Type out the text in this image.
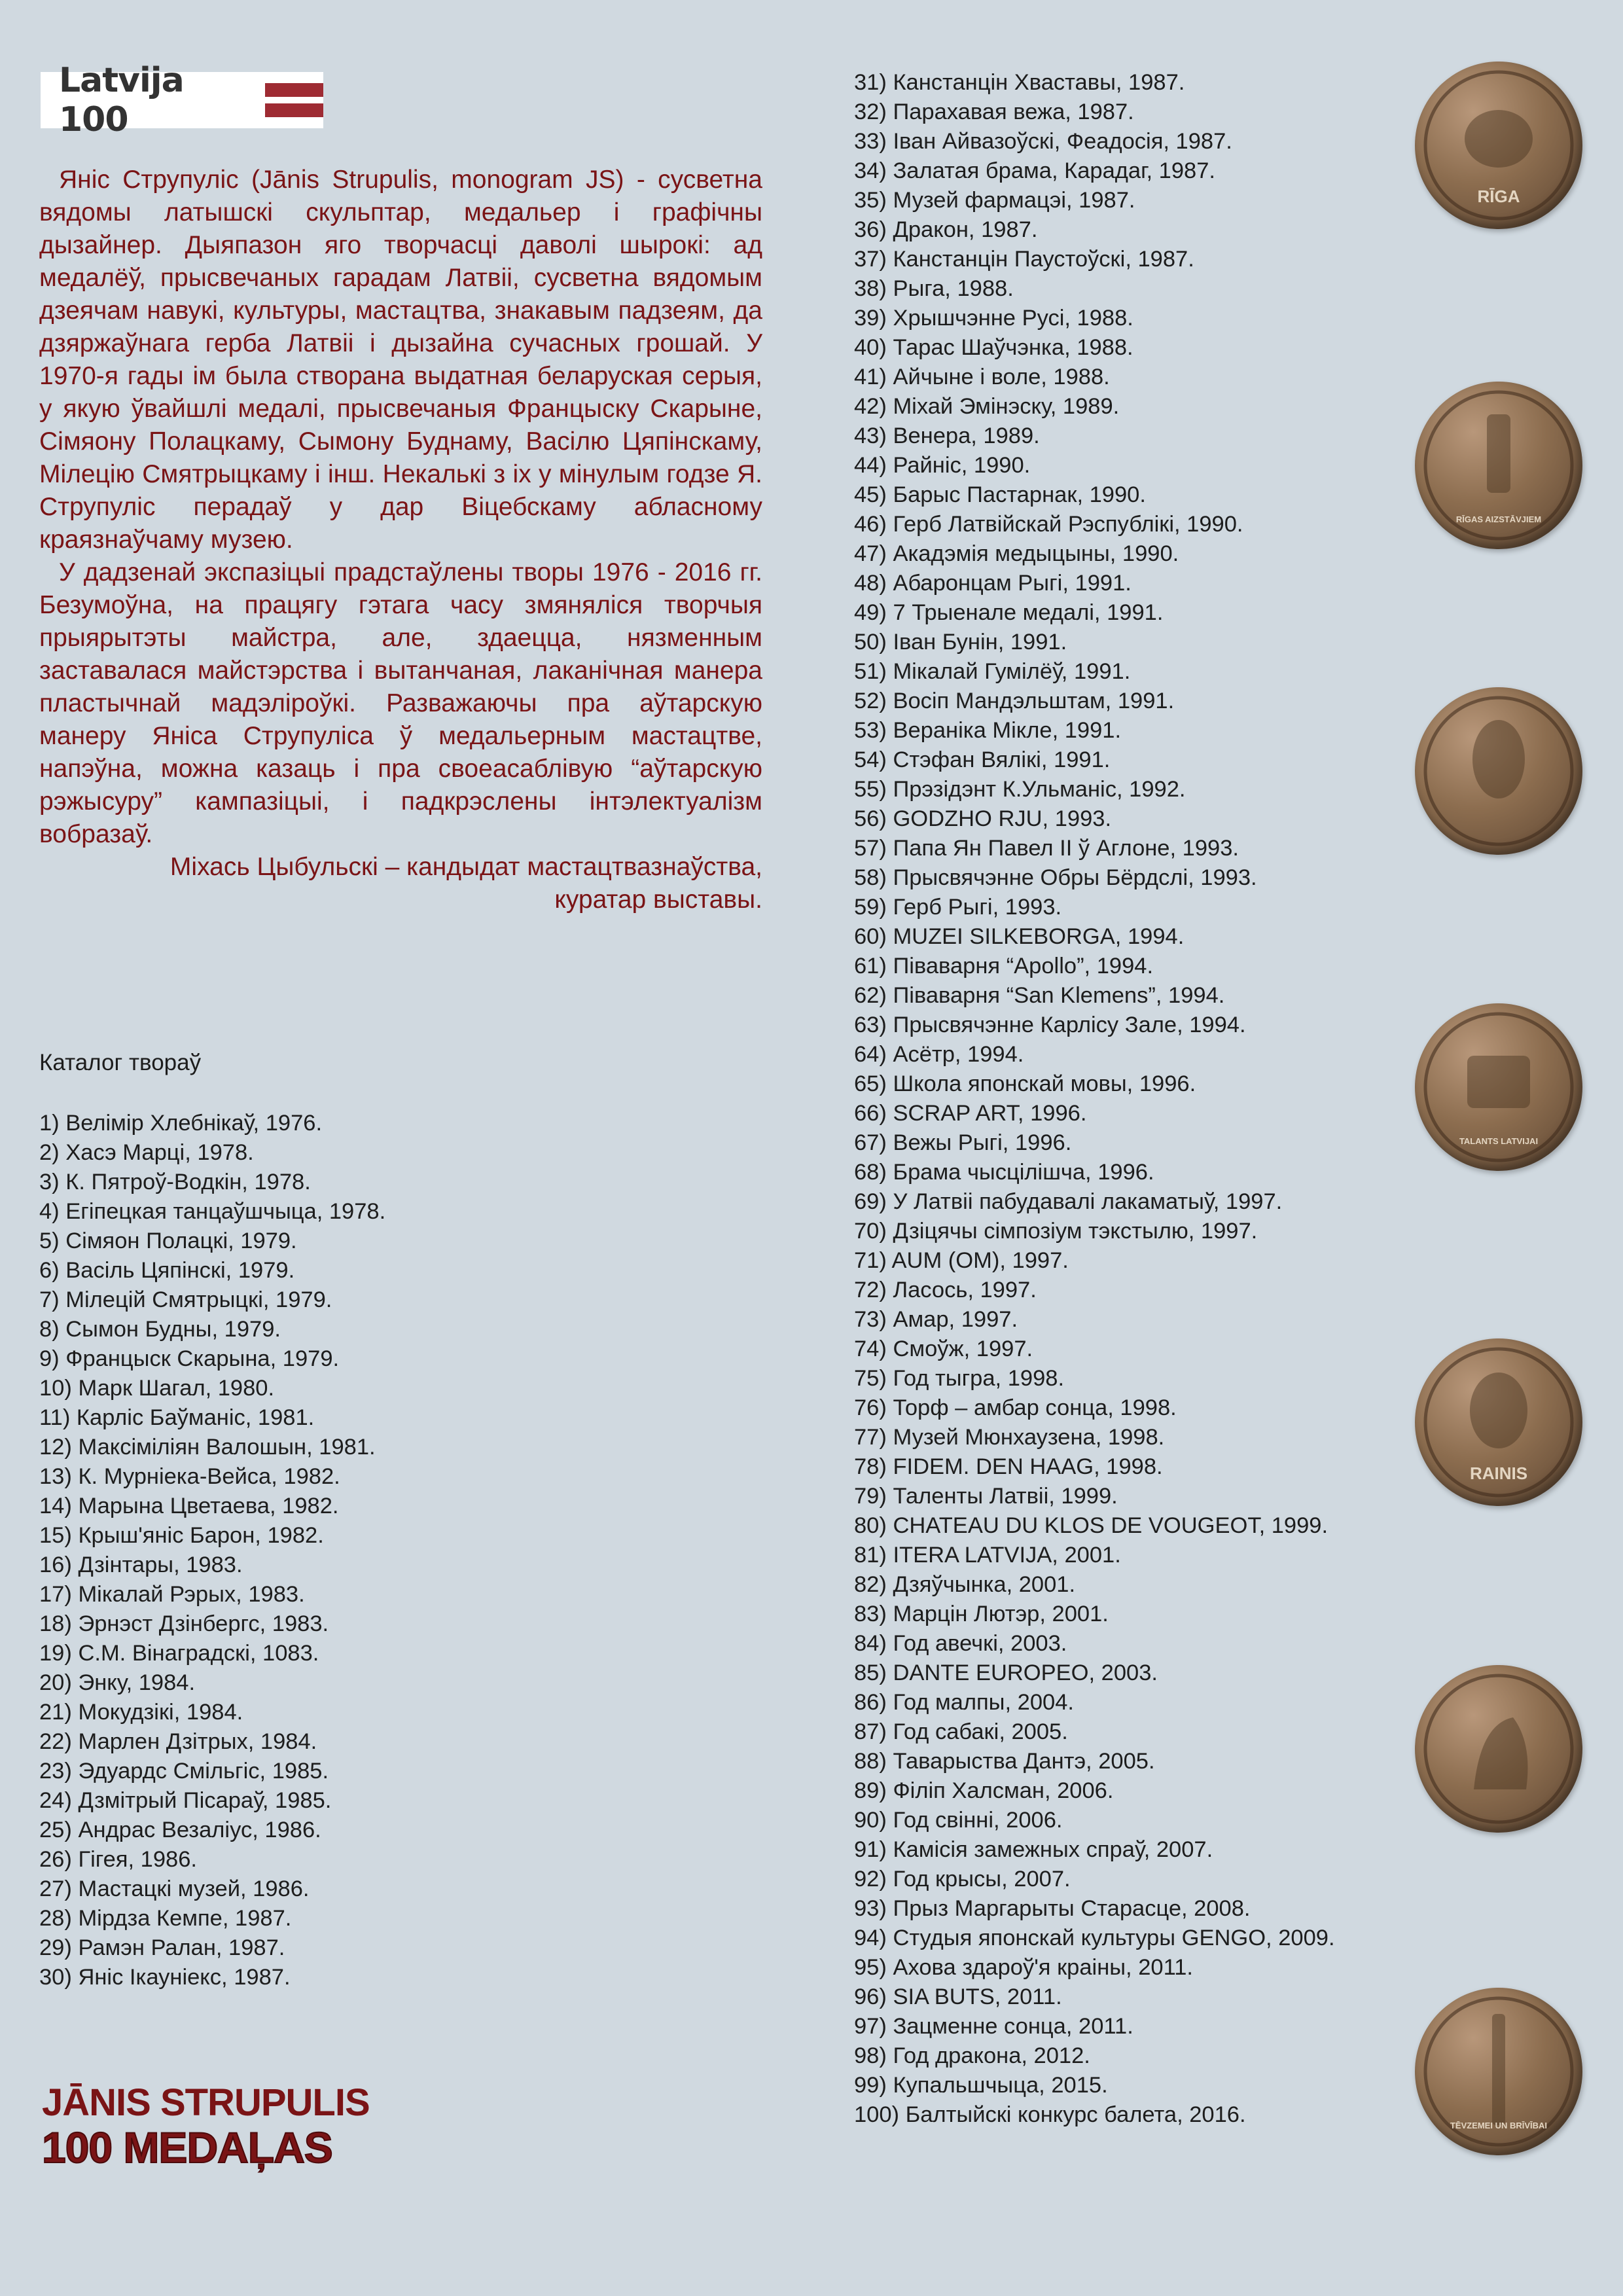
Latvija 100

Яніс Струпуліс (Jānis Strupulis, monogram JS) - сусветна вядомы латышскі скульптар, медальер і графічны дызайнер. Дыяпазон яго творчасці даволі шырокі: ад медалёў, прысвечаных гарадам Латвіі, сусветна вядомым дзеячам навукі, культуры, мастацтва, знакавым падзеям, да дзяржаўнага герба Латвіі і дызайна сучасных грошай. У 1970-я гады ім была створана выдатная беларуская серыя, у якую ўвайшлі медалі, прысвечаныя Францыску Скарыне, Сімяону Полацкаму, Сымону Буднаму, Васілю Цяпінскаму, Мілецію Смятрыцкаму і інш. Некалькі з іх у мінулым годзе Я. Струпуліс перадаў у дар Віцебскаму абласному краязнаўчаму музею.

У дадзенай экспазіцыі прадстаўлены творы 1976 - 2016 гг. Безумоўна, на працягу гэтага часу змяняліся творчыя прыярытэты майстра, але, здаецца, нязменным заставалася майстэрства і вытанчаная, лаканічная манера пластычнай мадэліроўкі. Разважаючы пра аўтарскую манеру Яніса Струпуліса ў медальерным мастацтве, напэўна, можна казаць і пра своеасаблівую “аўтарскую рэжысуру” кампазіцыі, і падкрэслены інтэлектуалізм вобразаў.

Міхась Цыбульскі – кандыдат мастацтвазнаўства,

куратар выставы.

Каталог твораў
1) Велімір Хлебнікаў, 1976.
2) Хасэ Марці, 1978.
3) К. Пятроў-Водкін, 1978.
4) Егіпецкая танцаўшчыца, 1978.
5) Сімяон Полацкі, 1979.
6) Васіль Цяпінскі, 1979.
7) Мілецій Смятрыцкі, 1979.
8) Сымон Будны, 1979.
9) Францыск Скарына, 1979.
10) Марк Шагал, 1980.
11) Карліс Баўманіс, 1981.
12) Максіміліян Валошын, 1981.
13) К. Мурніека-Вейса, 1982.
14) Марына Цветаева, 1982.
15) Крыш'яніс Барон, 1982.
16) Дзінтары, 1983.
17) Мікалай Рэрых, 1983.
18) Эрнэст Дзінбергс, 1983.
19) С.М. Вінаградскі, 1083.
20) Энку, 1984.
21) Мокудзікі, 1984.
22) Марлен Дзітрых, 1984.
23) Эдуардс Смільгіс, 1985.
24) Дзмітрый Пісараў, 1985.
25) Андрас Везаліус, 1986.
26) Гігея, 1986.
27) Мастацкі музей, 1986.
28) Мірдза Кемпе, 1987.
29) Рамэн Ралан, 1987.
30) Яніс Ікауніекс, 1987.
31) Канстанцін Хваставы, 1987.
32) Парахавая вежа, 1987.
33) Іван Айвазоўскі, Феадосія, 1987.
34) Залатая брама, Карадаг, 1987.
35) Музей фармацэі, 1987.
36) Дракон, 1987.
37) Канстанцін Паустоўскі, 1987.
38) Рыга, 1988.
39) Хрышчэнне Русі, 1988.
40) Тарас Шаўчэнка, 1988.
41) Айчыне і волe, 1988.
42) Міхай Эмінэску, 1989.
43) Венера, 1989.
44) Райніс, 1990.
45) Барыс Пастарнак, 1990.
46) Герб Латвійскай Рэспублікі, 1990.
47) Акадэмія медыцыны, 1990.
48) Абаронцам Рыгі, 1991.
49) 7 Трыенале медалі, 1991.
50) Іван Бунін, 1991.
51) Мікалай Гумілёў, 1991.
52) Восіп Мандэльштам, 1991.
53) Вераніка Мікле, 1991.
54) Стэфан Вялікі, 1991.
55) Прэзідэнт К.Ульманіс, 1992.
56) GODZHO RJU, 1993.
57) Папа Ян Павел ІІ ў Аглоне, 1993.
58) Прысвячэнне Обры Бёрдслі, 1993.
59) Герб Рыгі, 1993.
60) MUZEI SILKEBORGA, 1994.
61) Піваварня “Apollo”, 1994.
62) Піваварня “San Klemens”, 1994.
63) Прысвячэнне Карлісу Зале, 1994.
64) Асётр, 1994.
65) Школа японскай мовы, 1996.
66) SCRAP ART, 1996.
67) Вежы Рыгі, 1996.
68) Брама чысцілішча, 1996.
69) У Латвіі пабудавалі лакаматыў, 1997.
70) Дзіцячы сімпозіум тэкстылю, 1997.
71) AUM (OM), 1997.
72) Ласось, 1997.
73) Амар, 1997.
74) Смоўж, 1997.
75) Год тыгра, 1998.
76) Торф – амбар сонца, 1998.
77) Музей Мюнхаузена, 1998.
78) FIDEM. DEN HAAG, 1998.
79) Таленты Латвіі, 1999.
80) CHATEAU DU KLOS DE VOUGEOT, 1999.
81) ITERA LATVIJA, 2001.
82) Дзяўчынка, 2001.
83) Марцін Лютэр, 2001.
84) Год авечкі, 2003.
85) DANTE EUROPEO, 2003.
86) Год малпы, 2004.
87) Год сабакі, 2005.
88) Таварыства Дантэ, 2005.
89) Філіп Халсман, 2006.
90) Год свінні, 2006.
91) Камісія замежных спраў, 2007.
92) Год крысы, 2007.
93) Прыз Маргарыты Старасце, 2008.
94) Студыя японскай культуры GENGO, 2009.
95) Ахова здароў'я краіны, 2011.
96) SIA BUTS, 2011.
97) Зацменне сонца, 2011.
98) Год дракона, 2012.
99) Купальшчыца, 2015.
100) Балтыйскі конкурс балета, 2016.
RĪGA
RĪGAS AIZSTĀVJIEM
TALANTS LATVIJAI
RAINIS
TĒVZEMEI UN BRĪVĪBAI
JĀNIS STRUPULIS
100 MEDAĻAS
